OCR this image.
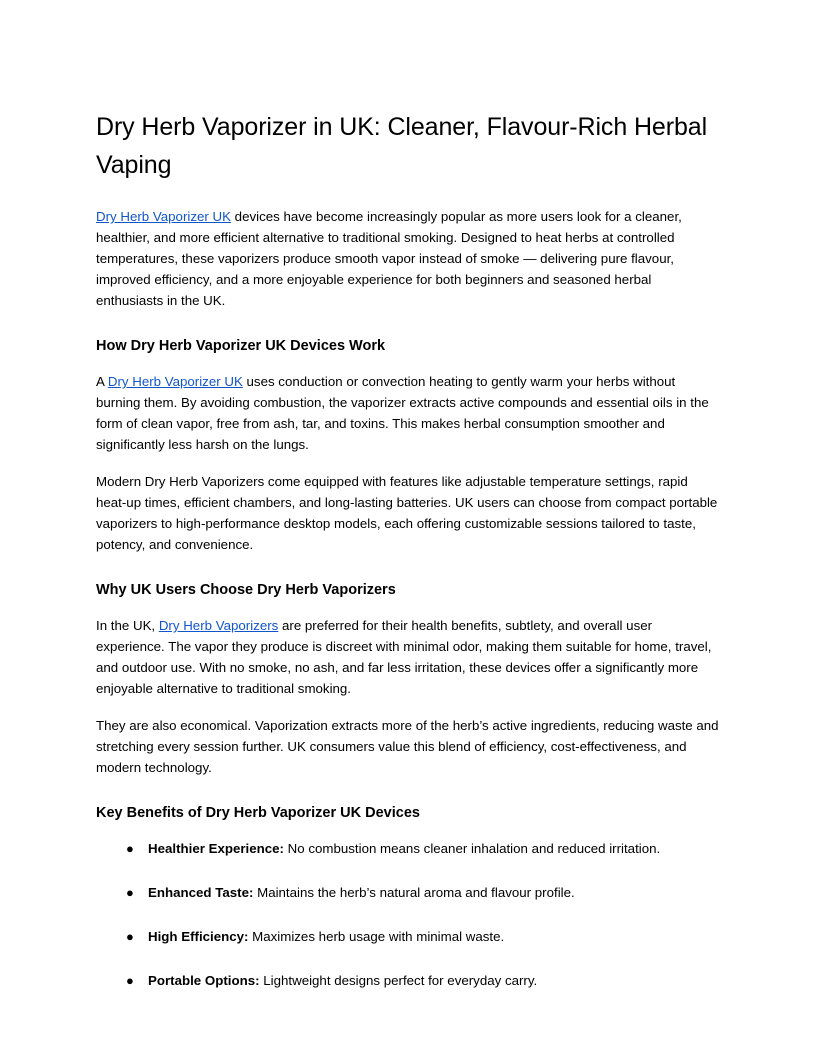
Dry Herb Vaporizer in UK: Cleaner, Flavour-Rich Herbal Vaping

Dry Herb Vaporizer UK devices have become increasingly popular as more users look for a cleaner, healthier, and more efficient alternative to traditional smoking. Designed to heat herbs at controlled temperatures, these vaporizers produce smooth vapor instead of smoke — delivering pure flavour, improved efficiency, and a more enjoyable experience for both beginners and seasoned herbal enthusiasts in the UK.

How Dry Herb Vaporizer UK Devices Work

A Dry Herb Vaporizer UK uses conduction or convection heating to gently warm your herbs without burning them. By avoiding combustion, the vaporizer extracts active compounds and essential oils in the form of clean vapor, free from ash, tar, and toxins. This makes herbal consumption smoother and significantly less harsh on the lungs.

Modern Dry Herb Vaporizers come equipped with features like adjustable temperature settings, rapid heat-up times, efficient chambers, and long-lasting batteries. UK users can choose from compact portable vaporizers to high-performance desktop models, each offering customizable sessions tailored to taste, potency, and convenience.

Why UK Users Choose Dry Herb Vaporizers

In the UK, Dry Herb Vaporizers are preferred for their health benefits, subtlety, and overall user experience. The vapor they produce is discreet with minimal odor, making them suitable for home, travel, and outdoor use. With no smoke, no ash, and far less irritation, these devices offer a significantly more enjoyable alternative to traditional smoking.

They are also economical. Vaporization extracts more of the herb’s active ingredients, reducing waste and stretching every session further. UK consumers value this blend of efficiency, cost-effectiveness, and modern technology.

Key Benefits of Dry Herb Vaporizer UK Devices
● Healthier Experience: No combustion means cleaner inhalation and reduced irritation.
● Enhanced Taste: Maintains the herb’s natural aroma and flavour profile.
● High Efficiency: Maximizes herb usage with minimal waste.
● Portable Options: Lightweight designs perfect for everyday carry.
